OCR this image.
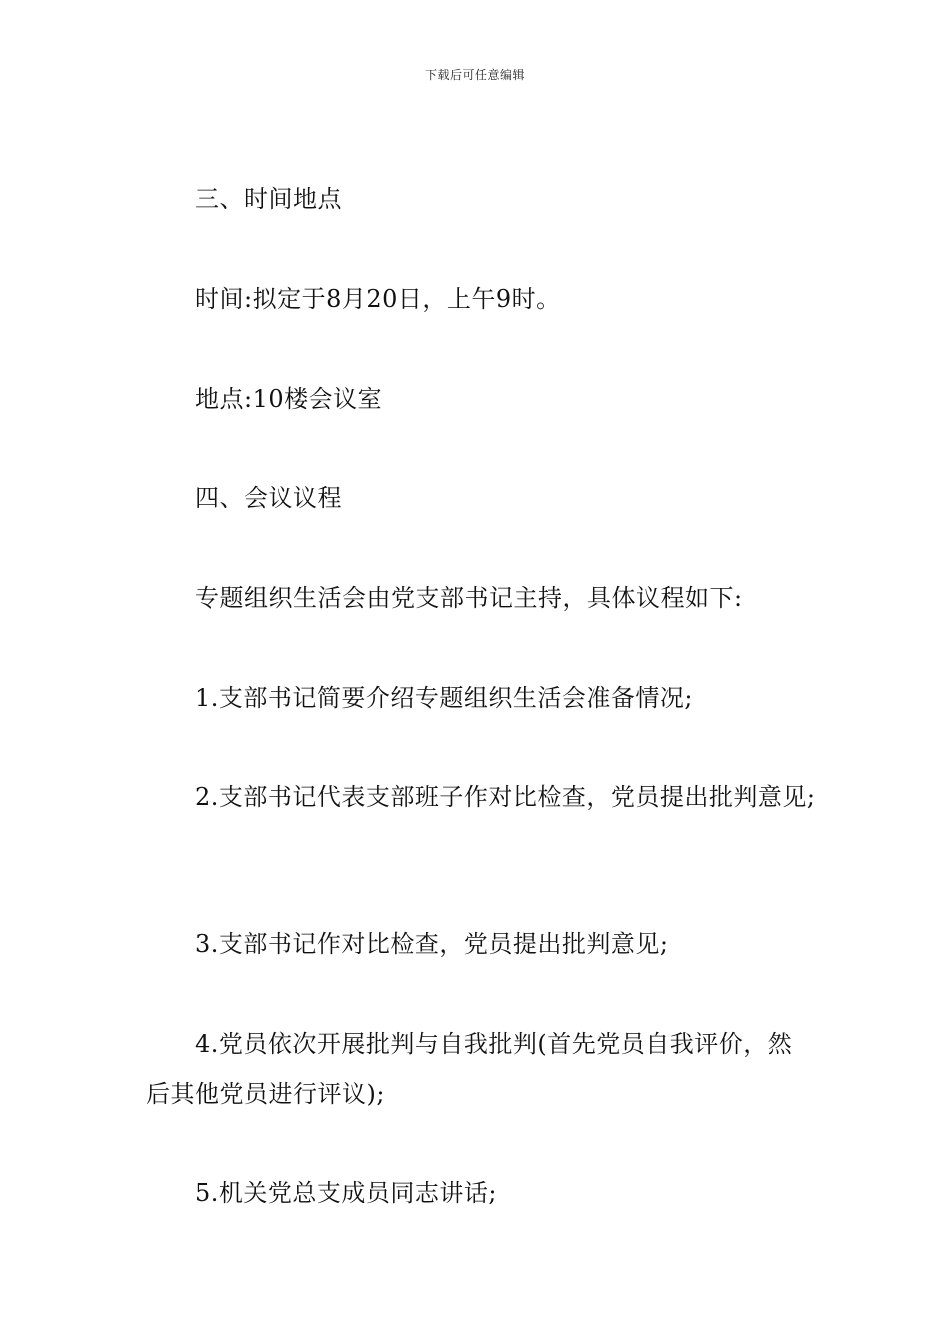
下载后可任意编辑
三、时间地点
时间:拟定于8月20日，上午9时。
地点:10楼会议室
四、会议议程
专题组织生活会由党支部书记主持，具体议程如下:
1.支部书记简要介绍专题组织生活会准备情况;
2.支部书记代表支部班子作对比检查，党员提出批判意见;
3.支部书记作对比检查，党员提出批判意见;
4.党员依次开展批判与自我批判(首先党员自我评价，然后其他党员进行评议);
5.机关党总支成员同志讲话;
